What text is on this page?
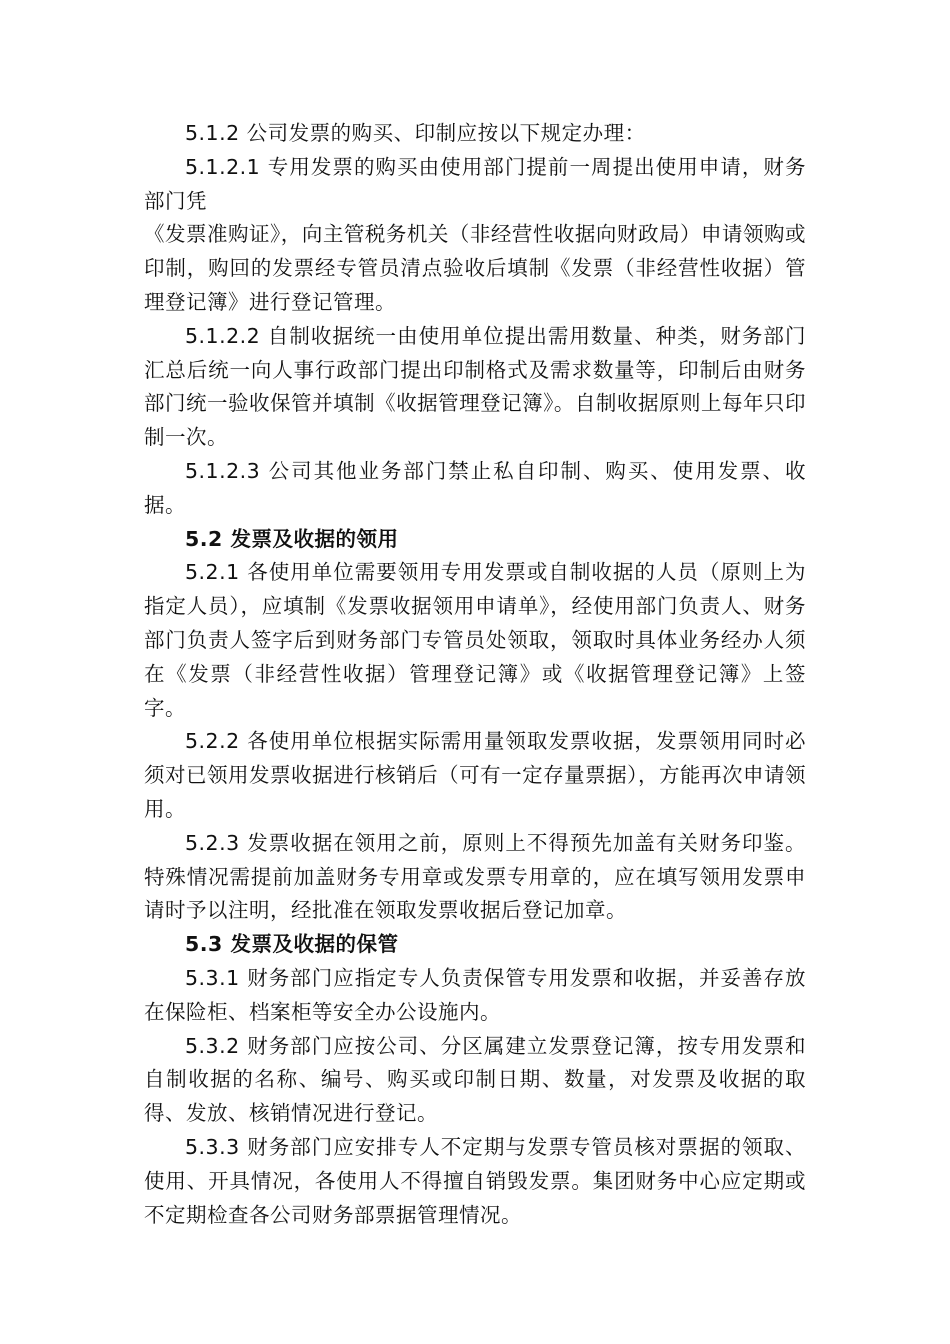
5.1.2 公司发票的购买、印制应按以下规定办理：

5.1.2.1 专用发票的购买由使用部门提前一周提出使用申请，财务部门凭

《发票准购证》，向主管税务机关（非经营性收据向财政局）申请领购或印制，购回的发票经专管员清点验收后填制《发票（非经营性收据）管理登记簿》进行登记管理。

5.1.2.2 自制收据统一由使用单位提出需用数量、种类，财务部门汇总后统一向人事行政部门提出印制格式及需求数量等，印制后由财务部门统一验收保管并填制《收据管理登记簿》。自制收据原则上每年只印制一次。

5.1.2.3 公司其他业务部门禁止私自印制、购买、使用发票、收据。

5.2 发票及收据的领用

5.2.1 各使用单位需要领用专用发票或自制收据的人员（原则上为指定人员），应填制《发票收据领用申请单》，经使用部门负责人、财务部门负责人签字后到财务部门专管员处领取，领取时具体业务经办人须在《发票（非经营性收据）管理登记簿》或《收据管理登记簿》上签字。

5.2.2 各使用单位根据实际需用量领取发票收据，发票领用同时必须对已领用发票收据进行核销后（可有一定存量票据），方能再次申请领用。

5.2.3 发票收据在领用之前，原则上不得预先加盖有关财务印鉴。特殊情况需提前加盖财务专用章或发票专用章的，应在填写领用发票申请时予以注明，经批准在领取发票收据后登记加章。

5.3 发票及收据的保管

5.3.1 财务部门应指定专人负责保管专用发票和收据，并妥善存放在保险柜、档案柜等安全办公设施内。

5.3.2 财务部门应按公司、分区属建立发票登记簿，按专用发票和自制收据的名称、编号、购买或印制日期、数量，对发票及收据的取得、发放、核销情况进行登记。

5.3.3 财务部门应安排专人不定期与发票专管员核对票据的领取、使用、开具情况，各使用人不得擅自销毁发票。集团财务中心应定期或不定期检查各公司财务部票据管理情况。
